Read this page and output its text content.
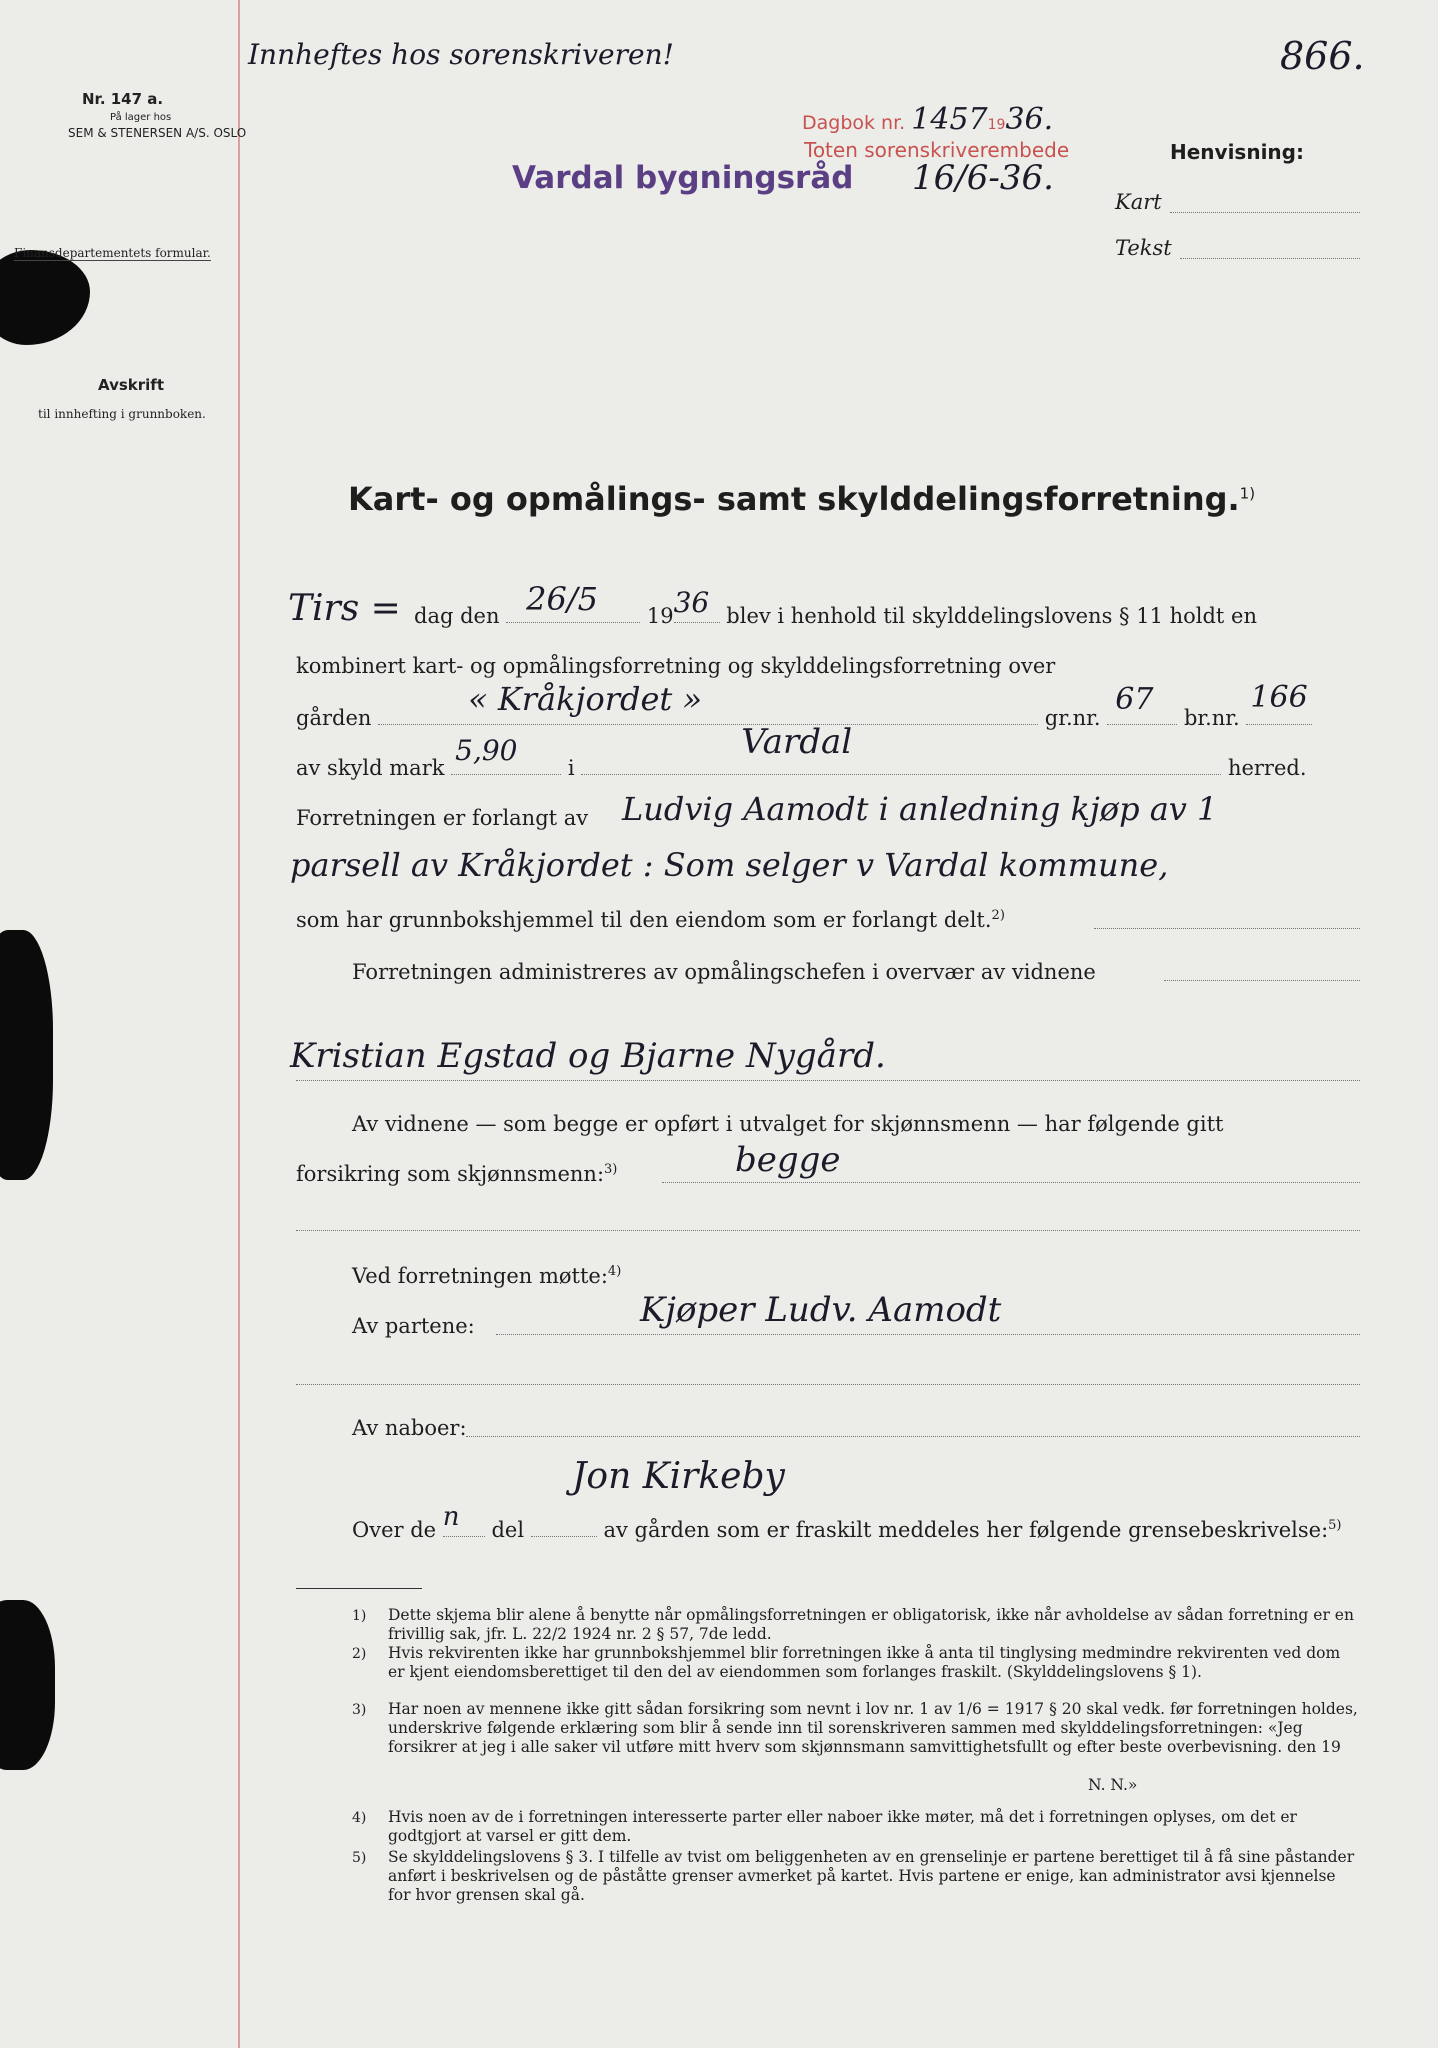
Innheftes hos sorenskriveren!	866.
Nr. 147 a.
På lager hos
SEM & STENERSEN A/S. OSLO
Finansdepartementets formular.
Avskrift
til innhefting i grunnboken.
Vardal bygningsråd
Dagbok nr. 14571936.
Toten sorenskriverembede
16/6-36.
Henvisning:
Kart
Tekst
Kart- og opmålings- samt skylddelingsforretning.$^{1)}$
Tirs = dag den 26/5 19 36 blev i henhold til skylddelingslovens § 11 holdt en
kombinert kart- og opmålingsforretning og skylddelingsforretning over
gården	« Kråkjordet »	gr.nr.
67
br.nr.
166
av skyld mark
5,90
i
Vardal
herred.
Forretningen er forlangt av Ludvig Aamodt i anledning kjøp av 1
parsell av Kråkjordet : Som selger v Vardal kommune,
som har grunnbokshjemmel til den eiendom som er forlangt delt.$^{2)}$
Forretningen administreres av opmålingschefen i overvær av vidnene
Kristian Egstad og Bjarne Nygård.
Av vidnene — som begge er opført i utvalget for skjønnsmenn — har følgende gitt
forsikring som skjønnsmenn:$^{3)}$	begge
Ved forretningen møtte:$^{4)}$
Av partene:	Kjøper Ludv. Aamodt
Av naboer:
Jon Kirkeby
Over de n del	av gården som er fraskilt meddeles her følgende grensebeskrivelse:$^{5)}$
1) Dette skjema blir alene å benytte når opmålingsforretningen er obligatorisk, ikke når avholdelse av sådan forretning er en frivillig sak, jfr. L. 22/2 1924 nr. 2 § 57, 7de ledd.
2) Hvis rekvirenten ikke har grunnbokshjemmel blir forretningen ikke å anta til tinglysing medmindre rekvirenten ved dom er kjent eiendomsberettiget til den del av eiendommen som forlanges fraskilt. (Skylddelingslovens § 1).
3) Har noen av mennene ikke gitt sådan forsikring som nevnt i lov nr. 1 av 1/6 = 1917 § 20 skal vedk. før forretningen holdes, underskrive følgende erklæring som blir å sende inn til sorenskriveren sammen med skylddelingsforretningen: «Jeg forsikrer at jeg i alle saker vil utføre mitt hverv som skjønnsmann samvittighetsfullt og efter beste overbevisning. den 19
N. N.»
4) Hvis noen av de i forretningen interesserte parter eller naboer ikke møter, må det i forretningen oplyses, om det er godtgjort at varsel er gitt dem.
5) Se skylddelingslovens § 3. I tilfelle av tvist om beliggenheten av en grenselinje er partene berettiget til å få sine påstander anført i beskrivelsen og de påståtte grenser avmerket på kartet. Hvis partene er enige, kan administrator avsi kjennelse for hvor grensen skal gå.
